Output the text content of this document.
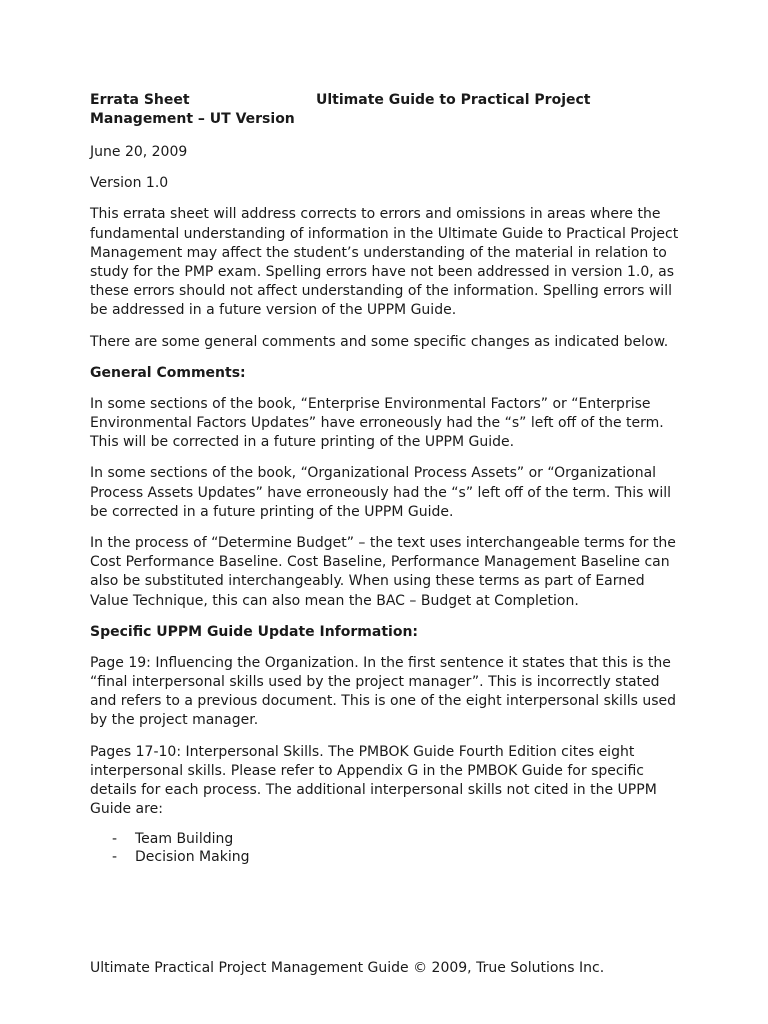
Errata Sheet	Ultimate Guide to Practical Project
Management – UT Version

June 20, 2009

Version 1.0

This errata sheet will address corrects to errors and omissions in areas where the fundamental understanding of information in the Ultimate Guide to Practical Project Management may affect the student’s understanding of the material in relation to study for the PMP exam. Spelling errors have not been addressed in version 1.0, as these errors should not affect understanding of the information. Spelling errors will be addressed in a future version of the UPPM Guide.

There are some general comments and some specific changes as indicated below.

General Comments:

In some sections of the book, “Enterprise Environmental Factors” or “Enterprise Environmental Factors Updates” have erroneously had the “s” left off of the term. This will be corrected in a future printing of the UPPM Guide.

In some sections of the book, “Organizational Process Assets” or “Organizational Process Assets Updates” have erroneously had the “s” left off of the term. This will be corrected in a future printing of the UPPM Guide.

In the process of “Determine Budget” – the text uses interchangeable terms for the Cost Performance Baseline. Cost Baseline, Performance Management Baseline can also be substituted interchangeably. When using these terms as part of Earned Value Technique, this can also mean the BAC – Budget at Completion.

Specific UPPM Guide Update Information:

Page 19: Influencing the Organization. In the first sentence it states that this is the “final interpersonal skills used by the project manager”. This is incorrectly stated and refers to a previous document. This is one of the eight interpersonal skills used by the project manager.

Pages 17-10: Interpersonal Skills. The PMBOK Guide Fourth Edition cites eight interpersonal skills. Please refer to Appendix G in the PMBOK Guide for specific details for each process. The additional interpersonal skills not cited in the UPPM Guide are:

- Team Building
- Decision Making
Ultimate Practical Project Management Guide © 2009, True Solutions Inc.
